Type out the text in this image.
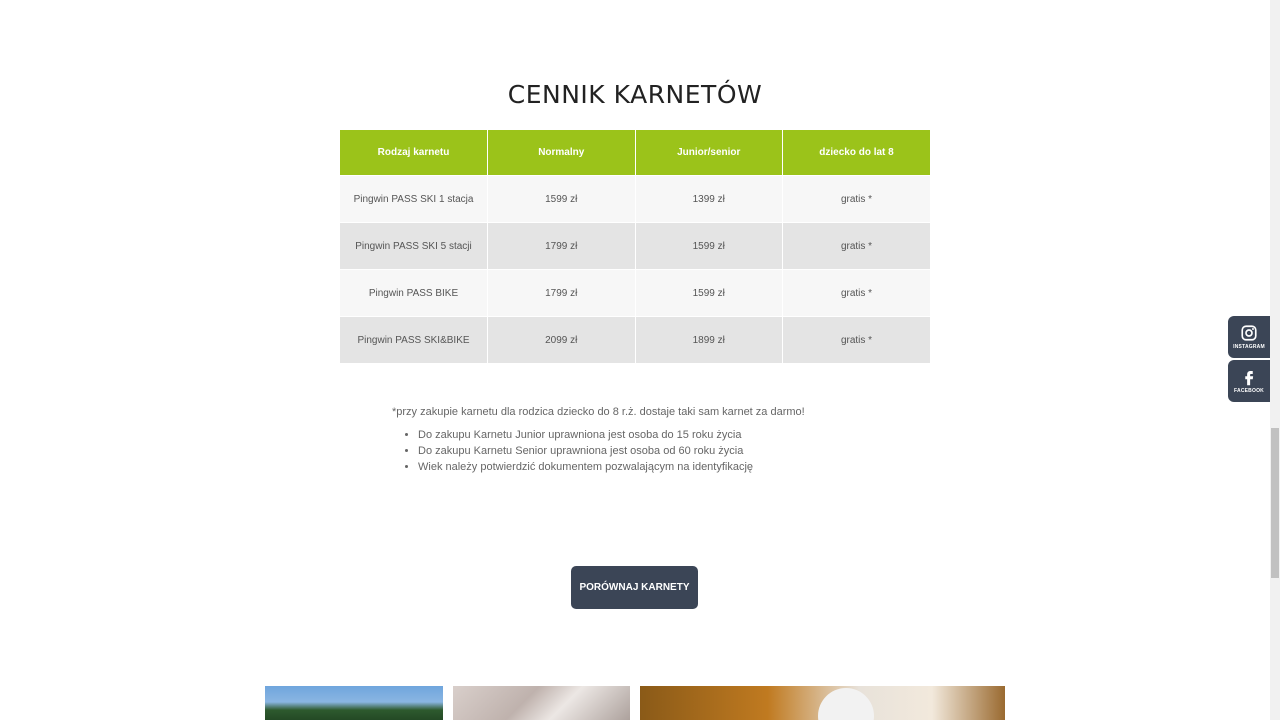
CENNIK KARNETÓW
Rodzaj karnetu	Normalny	Junior/senior	dziecko do lat 8
Pingwin PASS SKI 1 stacja	1599 zł	1399 zł	gratis *
Pingwin PASS SKI 5 stacji	1799 zł	1599 zł	gratis *
Pingwin PASS BIKE	1799 zł	1599 zł	gratis *
Pingwin PASS SKI&BIKE	2099 zł	1899 zł	gratis *

*przy zakupie karnetu dla rodzica dziecko do 8 r.ż. dostaje taki sam karnet za darmo!

• Do zakupu Karnetu Junior uprawniona jest osoba do 15 roku życia
• Do zakupu Karnetu Senior uprawniona jest osoba od 60 roku życia
• Wiek należy potwierdzić dokumentem pozwalającym na identyfikację
PORÓWNAJ KARNETY
INSTAGRAM
FACEBOOK
